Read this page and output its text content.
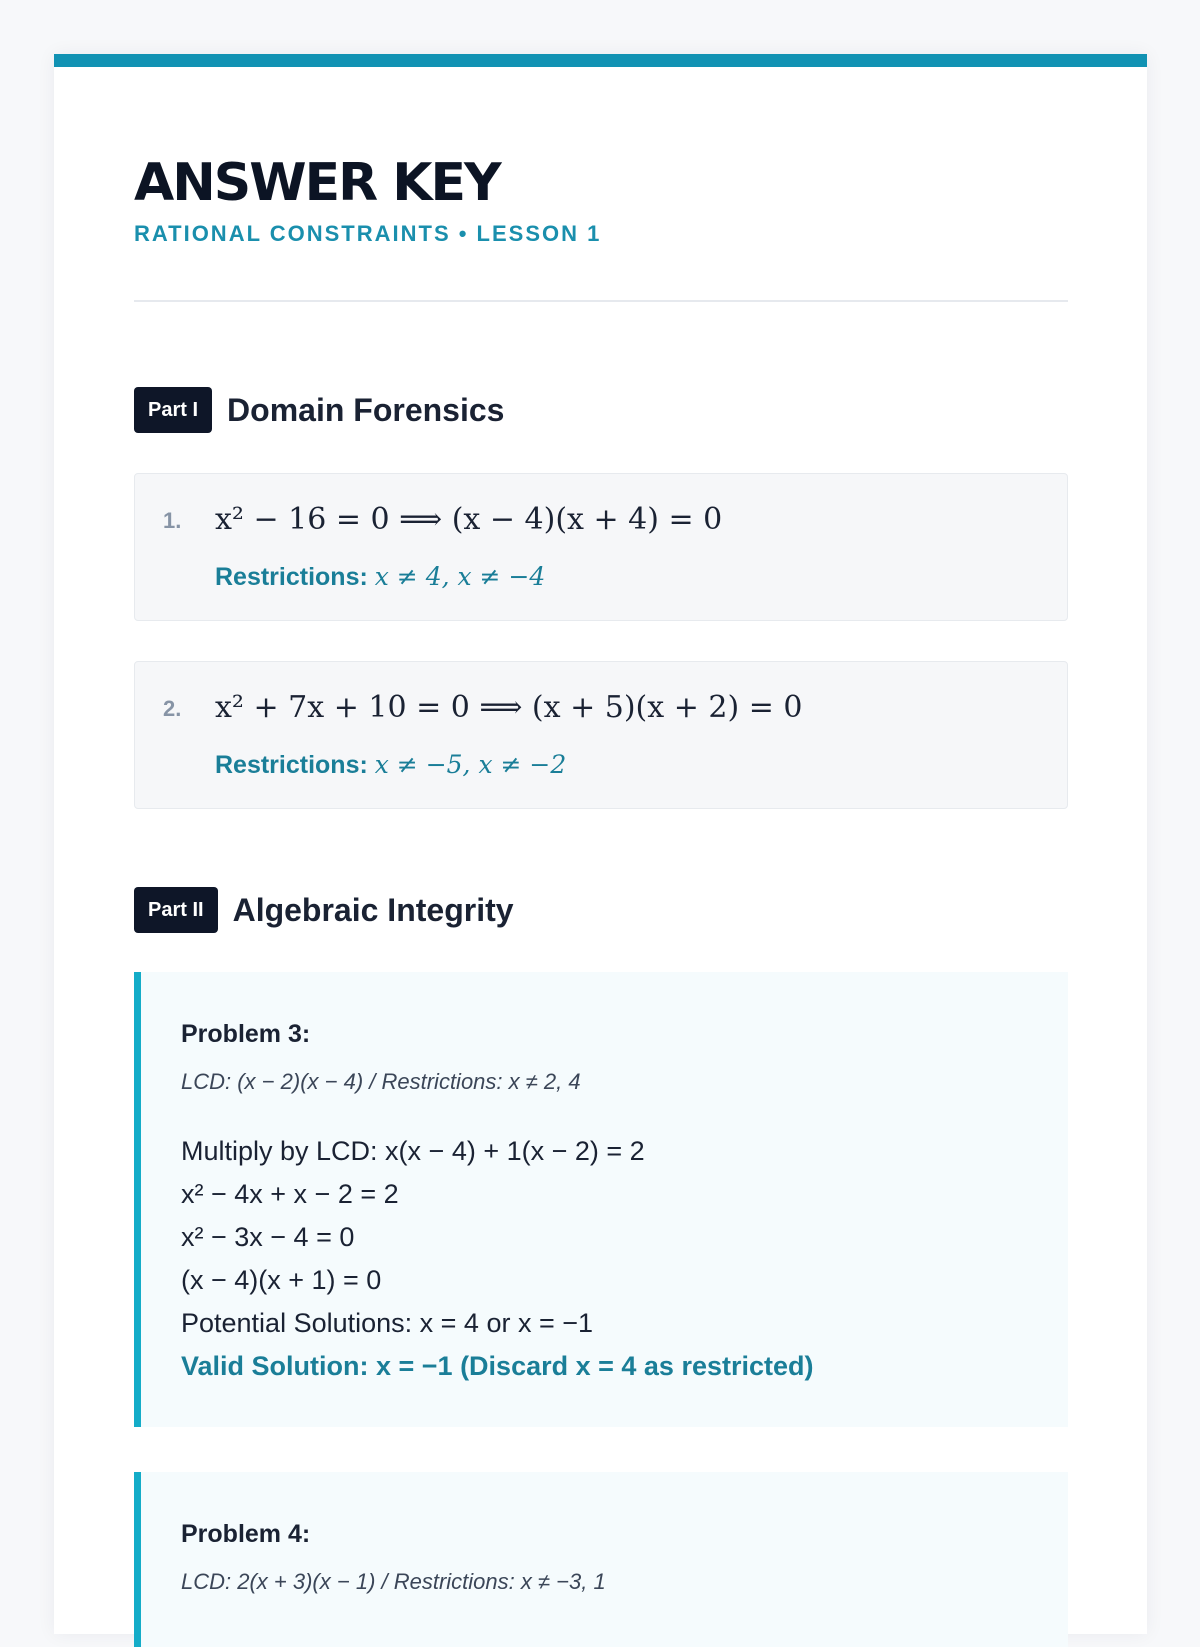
ANSWER KEY
RATIONAL CONSTRAINTS • LESSON 1
Part I Domain Forensics
1. x² − 16 = 0 ⟹ (x − 4)(x + 4) = 0
Restrictions: x ≠ 4, x ≠ −4
2. x² + 7x + 10 = 0 ⟹ (x + 5)(x + 2) = 0
Restrictions: x ≠ −5, x ≠ −2
Part II Algebraic Integrity
Problem 3:
LCD: (x − 2)(x − 4) / Restrictions: x ≠ 2, 4
Multiply by LCD: x(x − 4) + 1(x − 2) = 2
x² − 4x + x − 2 = 2
x² − 3x − 4 = 0
(x − 4)(x + 1) = 0
Potential Solutions: x = 4 or x = −1
Valid Solution: x = −1 (Discard x = 4 as restricted)
Problem 4:
LCD: 2(x + 3)(x − 1) / Restrictions: x ≠ −3, 1
